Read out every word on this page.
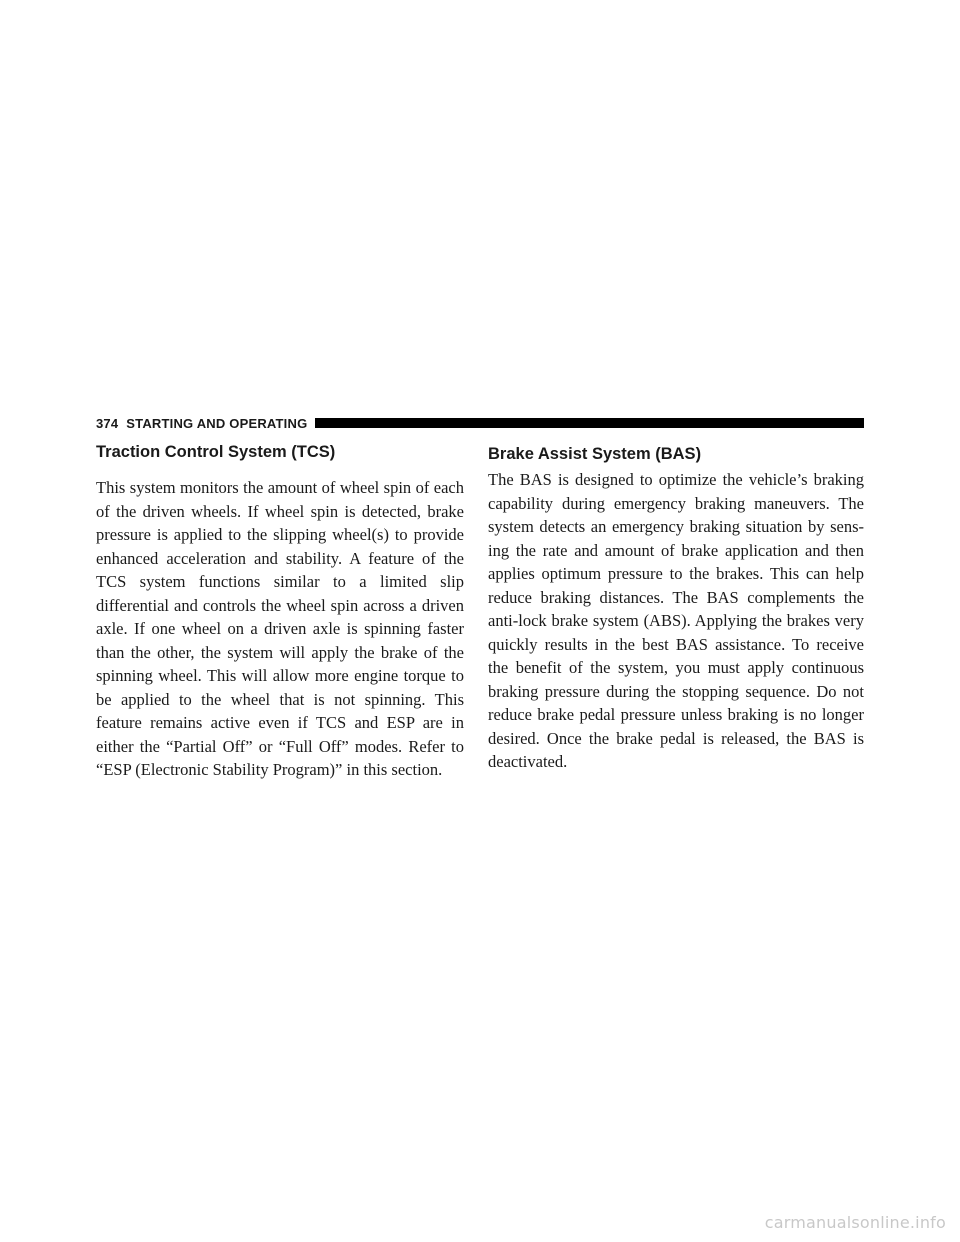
374 STARTING AND OPERATING
Traction Control System (TCS)

This system monitors the amount of wheel spin of each of the driven wheels. If wheel spin is detected, brake pressure is applied to the slipping wheel(s) to provide enhanced acceleration and stability. A feature of the TCS system functions similar to a limited slip differential and controls the wheel spin across a driven axle. If one wheel on a driven axle is spinning faster than the other, the system will apply the brake of the spinning wheel. This will allow more engine torque to be applied to the wheel that is not spinning. This feature remains active even if TCS and ESP are in either the “Partial Off” or “Full Off” modes. Refer to “ESP (Electronic Stability Program)” in this section.

Brake Assist System (BAS)

The BAS is designed to optimize the vehicle’s braking capability during emergency braking maneuvers. The system detects an emergency braking situation by sensing the rate and amount of brake application and then applies optimum pressure to the brakes. This can help reduce braking distances. The BAS complements the anti-lock brake system (ABS). Applying the brakes very quickly results in the best BAS assistance. To receive the benefit of the system, you must apply continuous braking pressure during the stopping sequence. Do not reduce brake pedal pressure unless braking is no longer desired. Once the brake pedal is released, the BAS is deactivated.

carmanualsonline.info
